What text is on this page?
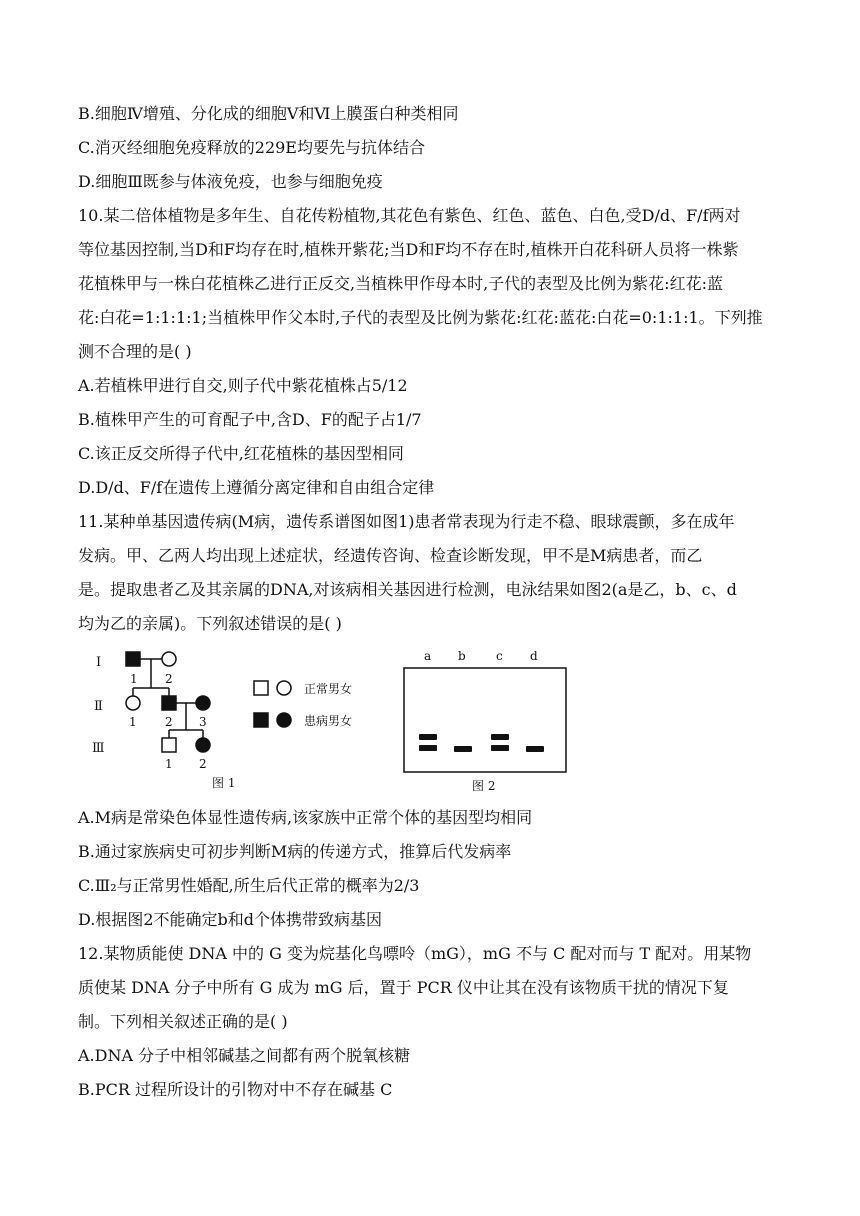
B.细胞Ⅳ增殖、分化成的细胞Ⅴ和Ⅵ上膜蛋白种类相同
C.消灭经细胞免疫释放的229E均要先与抗体结合
D.细胞Ⅲ既参与体液免疫，也参与细胞免疫
10.某二倍体植物是多年生、自花传粉植物,其花色有紫色、红色、蓝色、白色,受D/d、F/f两对
等位基因控制,当D和F均存在时,植株开紫花;当D和F均不存在时,植株开白花科研人员将一株紫
花植株甲与一株白花植株乙进行正反交,当植株甲作母本时,子代的表型及比例为紫花:红花:蓝
花:白花=1:1:1:1;当植株甲作父本时,子代的表型及比例为紫花:红花:蓝花:白花=0:1:1:1。下列推
测不合理的是( )
A.若植株甲进行自交,则子代中紫花植株占5/12
B.植株甲产生的可育配子中,含D、F的配子占1/7
C.该正反交所得子代中,红花植株的基因型相同
D.D/d、F/f在遗传上遵循分离定律和自由组合定律
11.某种单基因遗传病(M病，遗传系谱图如图1)患者常表现为行走不稳、眼球震颤，多在成年
发病。甲、乙两人均出现上述症状，经遗传咨询、检查诊断发现，甲不是M病患者，而乙
是。提取患者乙及其亲属的DNA,对该病相关基因进行检测，电泳结果如图2(a是乙，b、c、d
均为乙的亲属)。下列叙述错误的是( )
A.M病是常染色体显性遗传病,该家族中正常个体的基因型均相同
B.通过家族病史可初步判断M病的传递方式，推算后代发病率
C.Ⅲ₂与正常男性婚配,所生后代正常的概率为2/3
D.根据图2不能确定b和d个体携带致病基因
12.某物质能使 DNA 中的 G 变为烷基化鸟嘌呤（mG），mG 不与 C 配对而与 T 配对。用某物
质使某 DNA 分子中所有 G 成为 mG 后，置于 PCR 仪中让其在没有该物质干扰的情况下复
制。下列相关叙述正确的是( )
A.DNA 分子中相邻碱基之间都有两个脱氧核糖
B.PCR 过程所设计的引物对中不存在碱基 C
Ⅰ
Ⅱ
Ⅲ
1 2
1 2 3
1 2
图 1
正常男女
患病男女
a b	c d
图 2
